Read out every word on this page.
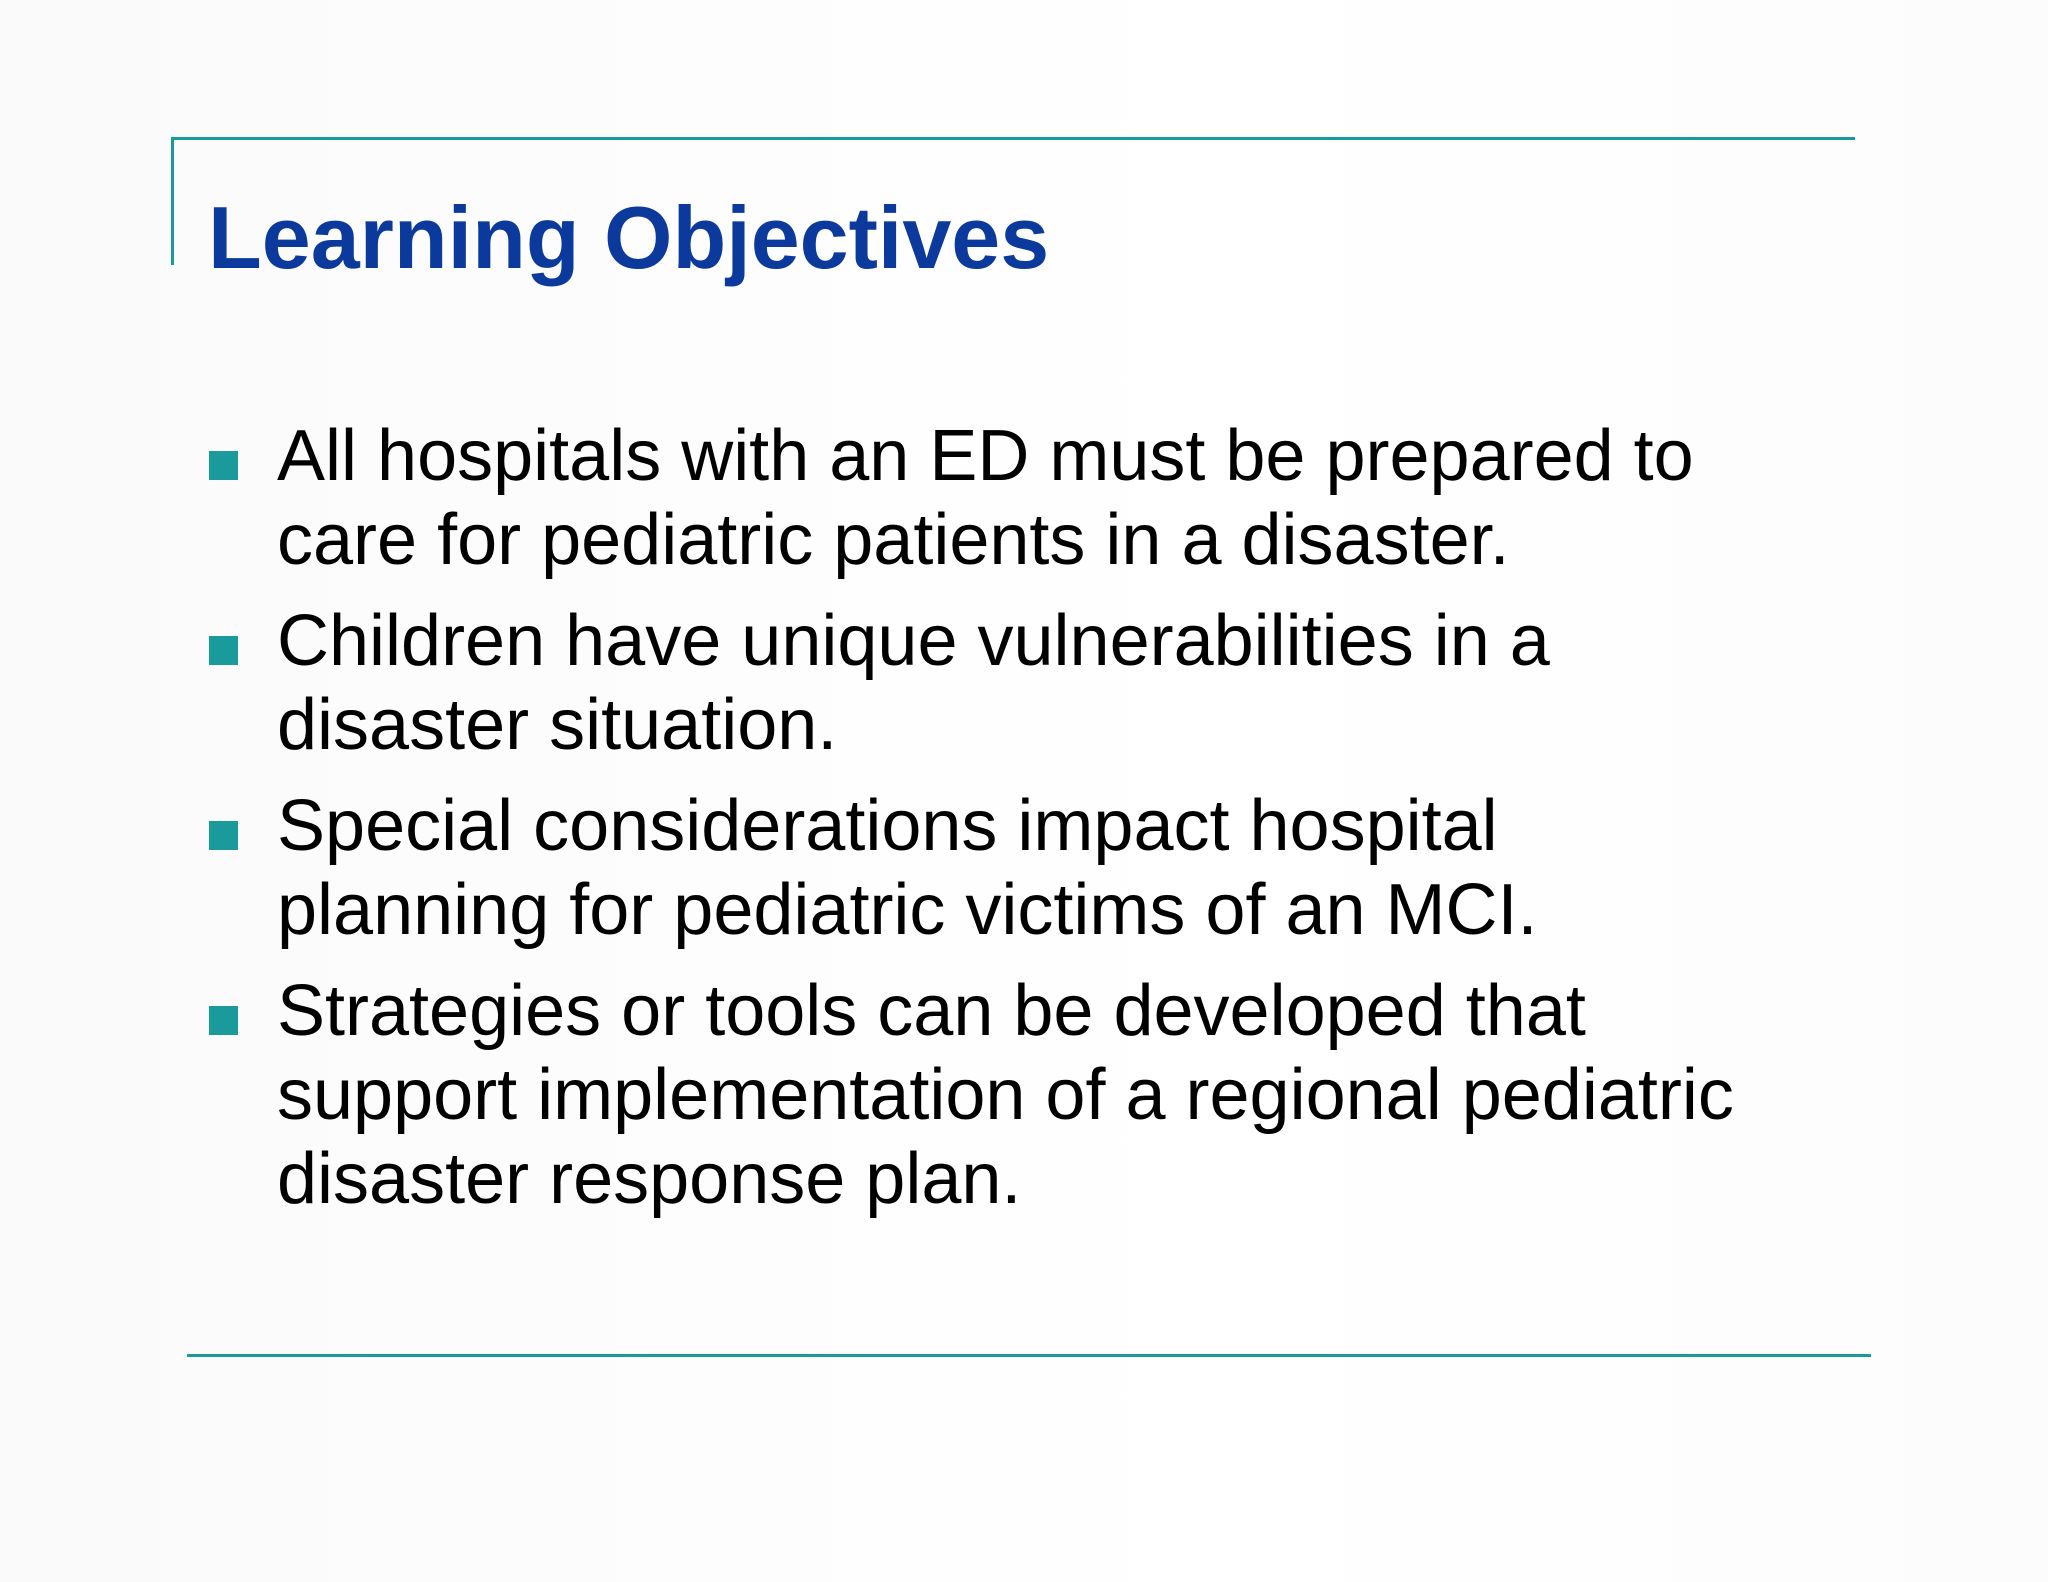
Learning Objectives
All hospitals with an ED must be prepared to
care for pediatric patients in a disaster.
Children have unique vulnerabilities in a
disaster situation.
Special considerations impact hospital
planning for pediatric victims of an MCI.
Strategies or tools can be developed that
support implementation of a regional pediatric
disaster response plan.
